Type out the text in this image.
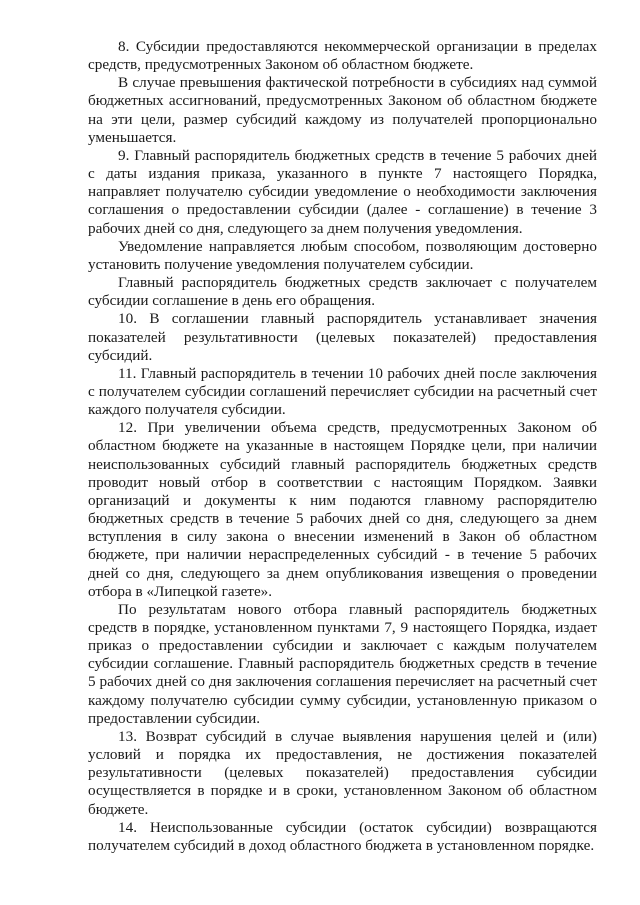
8. Субсидии предоставляются некоммерческой организации в пределах средств, предусмотренных Законом об областном бюджете.

В случае превышения фактической потребности в субсидиях над суммой бюджетных ассигнований, предусмотренных Законом об областном бюджете на эти цели, размер субсидий каждому из получателей пропорционально уменьшается.

9. Главный распорядитель бюджетных средств в течение 5 рабочих дней с даты издания приказа, указанного в пункте 7 настоящего Порядка, направляет получателю субсидии уведомление о необходимости заключения соглашения о предоставлении субсидии (далее - соглашение) в течение 3 рабочих дней со дня, следующего за днем получения уведомления.

Уведомление направляется любым способом, позволяющим достоверно установить получение уведомления получателем субсидии.

Главный распорядитель бюджетных средств заключает с получателем субсидии соглашение в день его обращения.

10. В соглашении главный распорядитель устанавливает значения показателей результативности (целевых показателей) предоставления субсидий.

11. Главный распорядитель в течении 10 рабочих дней после заключения с получателем субсидии соглашений перечисляет субсидии на расчетный счет каждого получателя субсидии.

12. При увеличении объема средств, предусмотренных Законом об областном бюджете на указанные в настоящем Порядке цели, при наличии неиспользованных субсидий главный распорядитель бюджетных средств проводит новый отбор в соответствии с настоящим Порядком. Заявки организаций и документы к ним подаются главному распорядителю бюджетных средств в течение 5 рабочих дней со дня, следующего за днем вступления в силу закона о внесении изменений в Закон об областном бюджете, при наличии нераспределенных субсидий - в течение 5 рабочих дней со дня, следующего за днем опубликования извещения о проведении отбора в «Липецкой газете».

По результатам нового отбора главный распорядитель бюджетных средств в порядке, установленном пунктами 7, 9 настоящего Порядка, издает приказ о предоставлении субсидии и заключает с каждым получателем субсидии соглашение. Главный распорядитель бюджетных средств в течение 5 рабочих дней со дня заключения соглашения перечисляет на расчетный счет каждому получателю субсидии сумму субсидии, установленную приказом о предоставлении субсидии.

13. Возврат субсидий в случае выявления нарушения целей и (или) условий и порядка их предоставления, не достижения показателей результативности (целевых показателей) предоставления субсидии осуществляется в порядке и в сроки, установленном Законом об областном бюджете.

14. Неиспользованные субсидии (остаток субсидии) возвращаются получателем субсидий в доход областного бюджета в установленном порядке.
